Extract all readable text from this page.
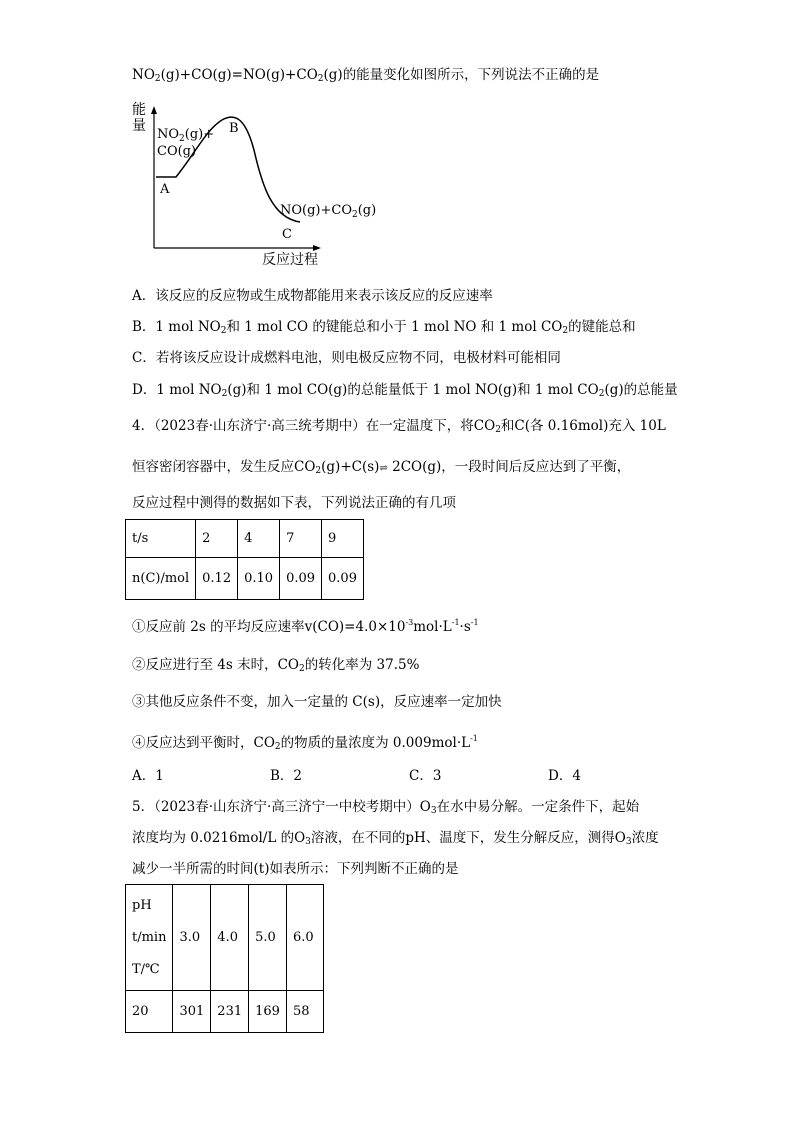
$NO_2(g)+CO(g)=NO(g)+CO_2(g)$的能量变化如图所示，下列说法不正确的是
能
量
反应过程
$NO_2(g)+$
CO(g)
A
B
$NO(g)+CO_2(g)$
C
A．该反应的反应物或生成物都能用来表示该反应的反应速率
B．1 mol $NO_2$和 1 mol CO 的键能总和小于 1 mol NO 和 1 mol $CO_2$的键能总和
C．若将该反应设计成燃料电池，则电极反应物不同，电极材料可能相同
D．1 mol $NO_2(g)$和 1 mol CO(g)的总能量低于 1 mol NO(g)和 1 mol $CO_2(g)$的总能量
4．（2023春·山东济宁·高三统考期中）在一定温度下，将$CO_2$和C(各 0.16mol)充入 10L
恒容密闭容器中，发生反应$CO_2(g)+C(s)\rightleftharpoons$ 2CO(g)，一段时间后反应达到了平衡，
反应过程中测得的数据如下表，下列说法正确的有几项
t/s	2	4	7	9
n(C)/mol	0.12	0.10	0.09	0.09
①反应前 2s 的平均反应速率$v(CO)=4.0\times 10^{-3}mol\cdot L^{-1}\cdot s^{-1}$
②反应进行至 4s 末时，$CO_2$的转化率为 37.5%
③其他反应条件不变，加入一定量的 C(s)，反应速率一定加快
④反应达到平衡时，$CO_2$的物质的量浓度为 $0.009mol\cdot L^{-1}$
A．1	B．2	C．3	D．4
5．（2023春·山东济宁·高三济宁一中校考期中）$O_3$在水中易分解。一定条件下，起始
浓度均为 0.0216mol/L 的$O_3$溶液，在不同的pH、温度下，发生分解反应，测得$O_3$浓度
减少一半所需的时间(t)如表所示：下列判断不正确的是
pH
t/min
T/℃	3.0	4.0	5.0	6.0
20	301	231	169	58
